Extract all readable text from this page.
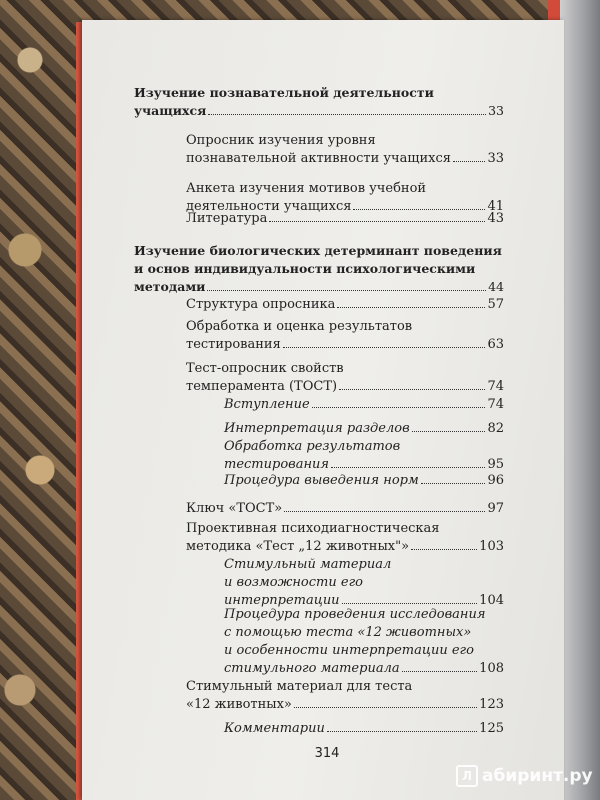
Изучение познавательной деятельности
учащихся	33
Опросник изучения уровня
познавательной активности учащихся	33
Анкета изучения мотивов учебной
деятельности учащихся	41
Литература	43
Изучение биологических детерминант поведения
и основ индивидуальности психологическими
методами	44
Структура опросника	57
Обработка и оценка результатов
тестирования	63
Тест-опросник свойств
темперамента (ТОСТ)	74
Вступление	74
Интерпретация разделов	82
Обработка результатов
тестирования	95
Процедура выведения норм	96
Ключ «ТОСТ»	97
Проективная психодиагностическая
методика «Тест „12 животных"»	103
Стимульный материал
и возможности его
интерпретации	104
Процедура проведения исследования
с помощью теста «12 животных»
и особенности интерпретации его
стимульного материала	108
Стимульный материал для теста
«12 животных»	123
Комментарии	125
314
Л абиринт.ру
